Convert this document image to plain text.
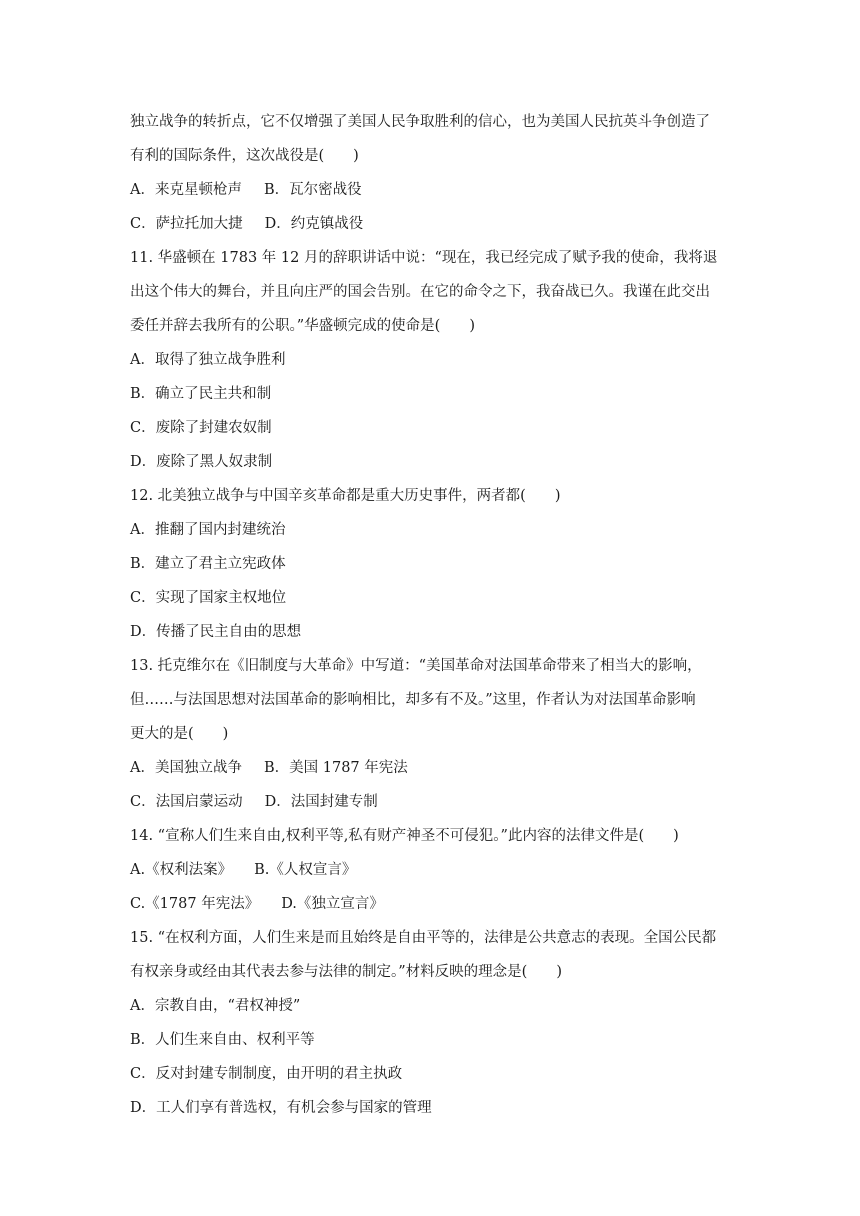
独立战争的转折点，它不仅增强了美国人民争取胜利的信心，也为美国人民抗英斗争创造了
有利的国际条件，这次战役是(　　)
A．来克星顿枪声 B．瓦尔密战役
C．萨拉托加大捷 D．约克镇战役
11. 华盛顿在 1783 年 12 月的辞职讲话中说：“现在，我已经完成了赋予我的使命，我将退
出这个伟大的舞台，并且向庄严的国会告别。在它的命令之下，我奋战已久。我谨在此交出
委任并辞去我所有的公职。”华盛顿完成的使命是(　　)
A．取得了独立战争胜利
B．确立了民主共和制
C．废除了封建农奴制
D．废除了黑人奴隶制
12. 北美独立战争与中国辛亥革命都是重大历史事件，两者都(　　)
A．推翻了国内封建统治
B．建立了君主立宪政体
C．实现了国家主权地位
D．传播了民主自由的思想
13. 托克维尔在《旧制度与大革命》中写道：“美国革命对法国革命带来了相当大的影响，
但……与法国思想对法国革命的影响相比，却多有不及。”这里，作者认为对法国革命影响
更大的是(　　)
A．美国独立战争 B．美国 1787 年宪法
C．法国启蒙运动 D．法国封建专制
14. “宣称人们生来自由,权利平等,私有财产神圣不可侵犯。”此内容的法律文件是(　　)
A.《权利法案》 B.《人权宣言》
C.《1787 年宪法》 D.《独立宣言》
15. “在权利方面，人们生来是而且始终是自由平等的，法律是公共意志的表现。全国公民都
有权亲身或经由其代表去参与法律的制定。”材料反映的理念是(　　)
A．宗教自由，“君权神授”
B．人们生来自由、权利平等
C．反对封建专制制度，由开明的君主执政
D．工人们享有普选权，有机会参与国家的管理
